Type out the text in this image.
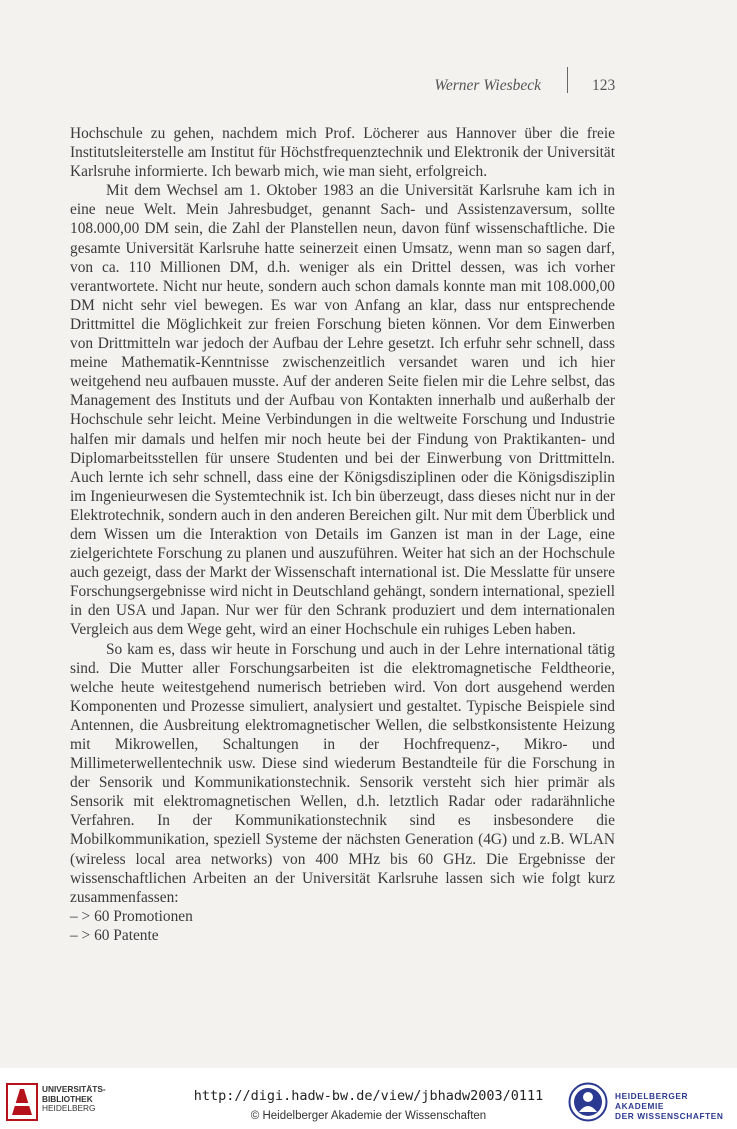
Werner Wiesbeck	123

Hochschule zu gehen, nachdem mich Prof. Löcherer aus Hannover über die freie Institutsleiterstelle am Institut für Höchstfrequenztechnik und Elektronik der Universität Karlsruhe informierte. Ich bewarb mich, wie man sieht, erfolgreich.

Mit dem Wechsel am 1. Oktober 1983 an die Universität Karlsruhe kam ich in eine neue Welt. Mein Jahresbudget, genannt Sach- und Assistenzaversum, sollte 108.000,00 DM sein, die Zahl der Planstellen neun, davon fünf wissenschaftliche. Die gesamte Universität Karlsruhe hatte seinerzeit einen Umsatz, wenn man so sagen darf, von ca. 110 Millionen DM, d.h. weniger als ein Drittel dessen, was ich vorher verantwortete. Nicht nur heute, sondern auch schon damals konnte man mit 108.000,00 DM nicht sehr viel bewegen. Es war von Anfang an klar, dass nur entsprechende Drittmittel die Möglichkeit zur freien Forschung bieten können. Vor dem Einwerben von Drittmitteln war jedoch der Aufbau der Lehre gesetzt. Ich erfuhr sehr schnell, dass meine Mathematik-Kenntnisse zwischenzeitlich versandet waren und ich hier weitgehend neu aufbauen musste. Auf der anderen Seite fielen mir die Lehre selbst, das Management des Instituts und der Aufbau von Kontakten innerhalb und außerhalb der Hochschule sehr leicht. Meine Verbindungen in die weltweite Forschung und Industrie halfen mir damals und helfen mir noch heute bei der Findung von Praktikanten- und Diplomarbeitsstellen für unsere Studenten und bei der Einwerbung von Drittmitteln. Auch lernte ich sehr schnell, dass eine der Königsdisziplinen oder die Königsdisziplin im Ingenieurwesen die Systemtechnik ist. Ich bin überzeugt, dass dieses nicht nur in der Elektrotechnik, sondern auch in den anderen Bereichen gilt. Nur mit dem Überblick und dem Wissen um die Interaktion von Details im Ganzen ist man in der Lage, eine zielgerichtete Forschung zu planen und auszuführen. Weiter hat sich an der Hochschule auch gezeigt, dass der Markt der Wissenschaft international ist. Die Messlatte für unsere Forschungsergebnisse wird nicht in Deutschland gehängt, sondern international, speziell in den USA und Japan. Nur wer für den Schrank produziert und dem internationalen Vergleich aus dem Wege geht, wird an einer Hochschule ein ruhiges Leben haben.

So kam es, dass wir heute in Forschung und auch in der Lehre international tätig sind. Die Mutter aller Forschungsarbeiten ist die elektromagnetische Feldtheorie, welche heute weitestgehend numerisch betrieben wird. Von dort ausgehend werden Komponenten und Prozesse simuliert, analysiert und gestaltet. Typische Beispiele sind Antennen, die Ausbreitung elektromagnetischer Wellen, die selbstkonsistente Heizung mit Mikrowellen, Schaltungen in der Hochfrequenz-, Mikro- und Millimeterwellentechnik usw. Diese sind wiederum Bestandteile für die Forschung in der Sensorik und Kommunikationstechnik. Sensorik versteht sich hier primär als Sensorik mit elektromagnetischen Wellen, d.h. letztlich Radar oder radarähnliche Verfahren. In der Kommunikationstechnik sind es insbesondere die Mobilkommunikation, speziell Systeme der nächsten Generation (4G) und z.B. WLAN (wireless local area networks) von 400 MHz bis 60 GHz. Die Ergebnisse der wissenschaftlichen Arbeiten an der Universität Karlsruhe lassen sich wie folgt kurz zusammenfassen:

– > 60 Promotionen
– > 60 Patente
UNIVERSITÄTS-
BIBLIOTHEK
HEIDELBERG
http://digi.hadw-bw.de/view/jbhadw2003/0111
© Heidelberger Akademie der Wissenschaften
HEIDELBERGER AKADEMIE
DER WISSENSCHAFTEN
